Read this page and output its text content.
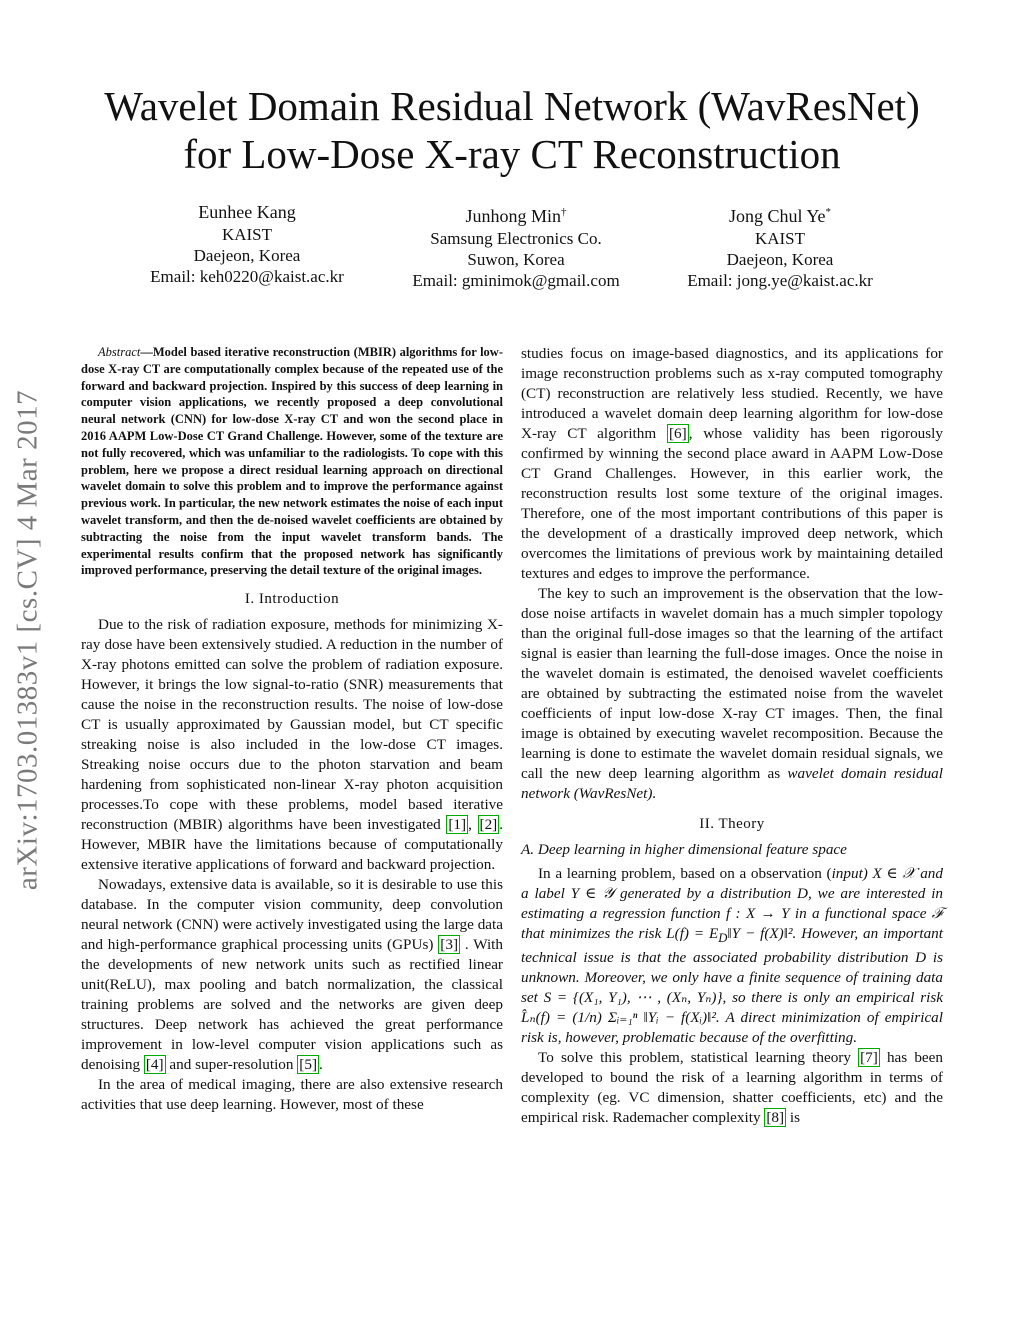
Wavelet Domain Residual Network (WavResNet)
for Low-Dose X-ray CT Reconstruction
Eunhee Kang
KAIST
Daejeon, Korea
Email: keh0220@kaist.ac.kr
Junhong Min†
Samsung Electronics Co.
Suwon, Korea
Email: gminimok@gmail.com
Jong Chul Ye*
KAIST
Daejeon, Korea
Email: jong.ye@kaist.ac.kr
arXiv:1703.01383v1 [cs.CV] 4 Mar 2017

Abstract—Model based iterative reconstruction (MBIR) algorithms for low-dose X-ray CT are computationally complex because of the repeated use of the forward and backward projection. Inspired by this success of deep learning in computer vision applications, we recently proposed a deep convolutional neural network (CNN) for low-dose X-ray CT and won the second place in 2016 AAPM Low-Dose CT Grand Challenge. However, some of the texture are not fully recovered, which was unfamiliar to the radiologists. To cope with this problem, here we propose a direct residual learning approach on directional wavelet domain to solve this problem and to improve the performance against previous work. In particular, the new network estimates the noise of each input wavelet transform, and then the de-noised wavelet coefficients are obtained by subtracting the noise from the input wavelet transform bands. The experimental results confirm that the proposed network has significantly improved performance, preserving the detail texture of the original images.

I. Introduction

Due to the risk of radiation exposure, methods for minimizing X-ray dose have been extensively studied. A reduction in the number of X-ray photons emitted can solve the problem of radiation exposure. However, it brings the low signal-to-ratio (SNR) measurements that cause the noise in the reconstruction results. The noise of low-dose CT is usually approximated by Gaussian model, but CT specific streaking noise is also included in the low-dose CT images. Streaking noise occurs due to the photon starvation and beam hardening from sophisticated non-linear X-ray photon acquisition processes.To cope with these problems, model based iterative reconstruction (MBIR) algorithms have been investigated [1] , [2] . However, MBIR have the limitations because of computationally extensive iterative applications of forward and backward projection.

Nowadays, extensive data is available, so it is desirable to use this database. In the computer vision community, deep convolution neural network (CNN) were actively investigated using the large data and high-performance graphical processing units (GPUs) [3] . With the developments of new network units such as rectified linear unit(ReLU), max pooling and batch normalization, the classical training problems are solved and the networks are given deep structures. Deep network has achieved the great performance improvement in low-level computer vision applications such as denoising [4] and super-resolution [5] .

In the area of medical imaging, there are also extensive research activities that use deep learning. However, most of these

studies focus on image-based diagnostics, and its applications for image reconstruction problems such as x-ray computed tomography (CT) reconstruction are relatively less studied. Recently, we have introduced a wavelet domain deep learning algorithm for low-dose X-ray CT algorithm [6] , whose validity has been rigorously confirmed by winning the second place award in AAPM Low-Dose CT Grand Challenges. However, in this earlier work, the reconstruction results lost some texture of the original images. Therefore, one of the most important contributions of this paper is the development of a drastically improved deep network, which overcomes the limitations of previous work by maintaining detailed textures and edges to improve the performance.

The key to such an improvement is the observation that the low-dose noise artifacts in wavelet domain has a much simpler topology than the original full-dose images so that the learning of the artifact signal is easier than learning the full-dose images. Once the noise in the wavelet domain is estimated, the denoised wavelet coefficients are obtained by subtracting the estimated noise from the wavelet coefficients of input low-dose X-ray CT images. Then, the final image is obtained by executing wavelet recomposition. Because the learning is done to estimate the wavelet domain residual signals, we call the new deep learning algorithm as wavelet domain residual network (WavResNet).

II. Theory
A. Deep learning in higher dimensional feature space

In a learning problem, based on a observation (input) X ∈ 𝒳 and a label Y ∈ 𝒴 generated by a distribution D, we are interested in estimating a regression function f : X → Y in a functional space ℱ that minimizes the risk $L(f) = E_D‖Y$ − f(X)‖². However, an important technical issue is that the associated probability distribution D is unknown. Moreover, we only have a finite sequence of training data set S = {(X₁, Y₁), ⋯ , (Xₙ, Yₙ)}, so there is only an empirical risk L̂ₙ(f) = (1/n) Σᵢ₌₁ⁿ ‖Yᵢ − f(Xᵢ)‖². A direct minimization of empirical risk is, however, problematic because of the overfitting.

To solve this problem, statistical learning theory [7] has been developed to bound the risk of a learning algorithm in terms of complexity (eg. VC dimension, shatter coefficients, etc) and the empirical risk. Rademacher complexity [8] is
